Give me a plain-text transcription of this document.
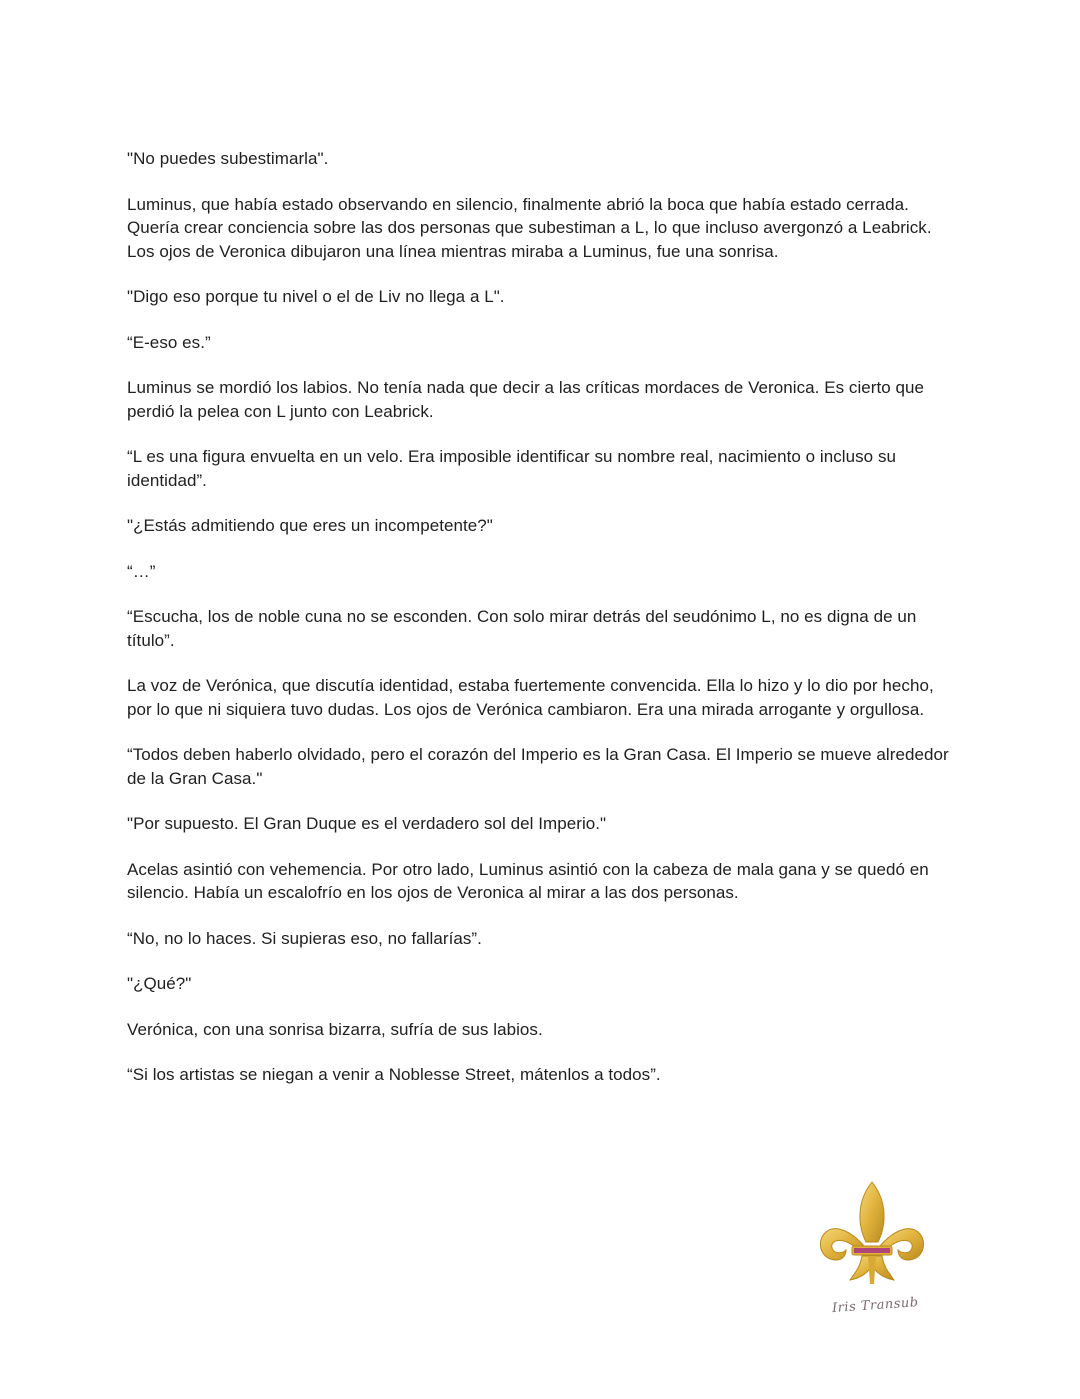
"No puedes subestimarla".

Luminus, que había estado observando en silencio, finalmente abrió la boca que había estado cerrada. Quería crear conciencia sobre las dos personas que subestiman a L, lo que incluso avergonzó a Leabrick. Los ojos de Veronica dibujaron una línea mientras miraba a Luminus, fue una sonrisa.

"Digo eso porque tu nivel o el de Liv no llega a L".

“E-eso es.”

Luminus se mordió los labios. No tenía nada que decir a las críticas mordaces de Veronica. Es cierto que perdió la pelea con L junto con Leabrick.

“L es una figura envuelta en un velo. Era imposible identificar su nombre real, nacimiento o incluso su identidad”.

"¿Estás admitiendo que eres un incompetente?"

“…”

“Escucha, los de noble cuna no se esconden. Con solo mirar detrás del seudónimo L, no es digna de un título”.

La voz de Verónica, que discutía identidad, estaba fuertemente convencida. Ella lo hizo y lo dio por hecho, por lo que ni siquiera tuvo dudas. Los ojos de Verónica cambiaron. Era una mirada arrogante y orgullosa.

“Todos deben haberlo olvidado, pero el corazón del Imperio es la Gran Casa. El Imperio se mueve alrededor de la Gran Casa."

"Por supuesto. El Gran Duque es el verdadero sol del Imperio."

Acelas asintió con vehemencia. Por otro lado, Luminus asintió con la cabeza de mala gana y se quedó en silencio. Había un escalofrío en los ojos de Veronica al mirar a las dos personas.

“No, no lo haces. Si supieras eso, no fallarías”.

"¿Qué?"

Verónica, con una sonrisa bizarra, sufría de sus labios.

“Si los artistas se niegan a venir a Noblesse Street, mátenlos a todos”.

Iris Transub
